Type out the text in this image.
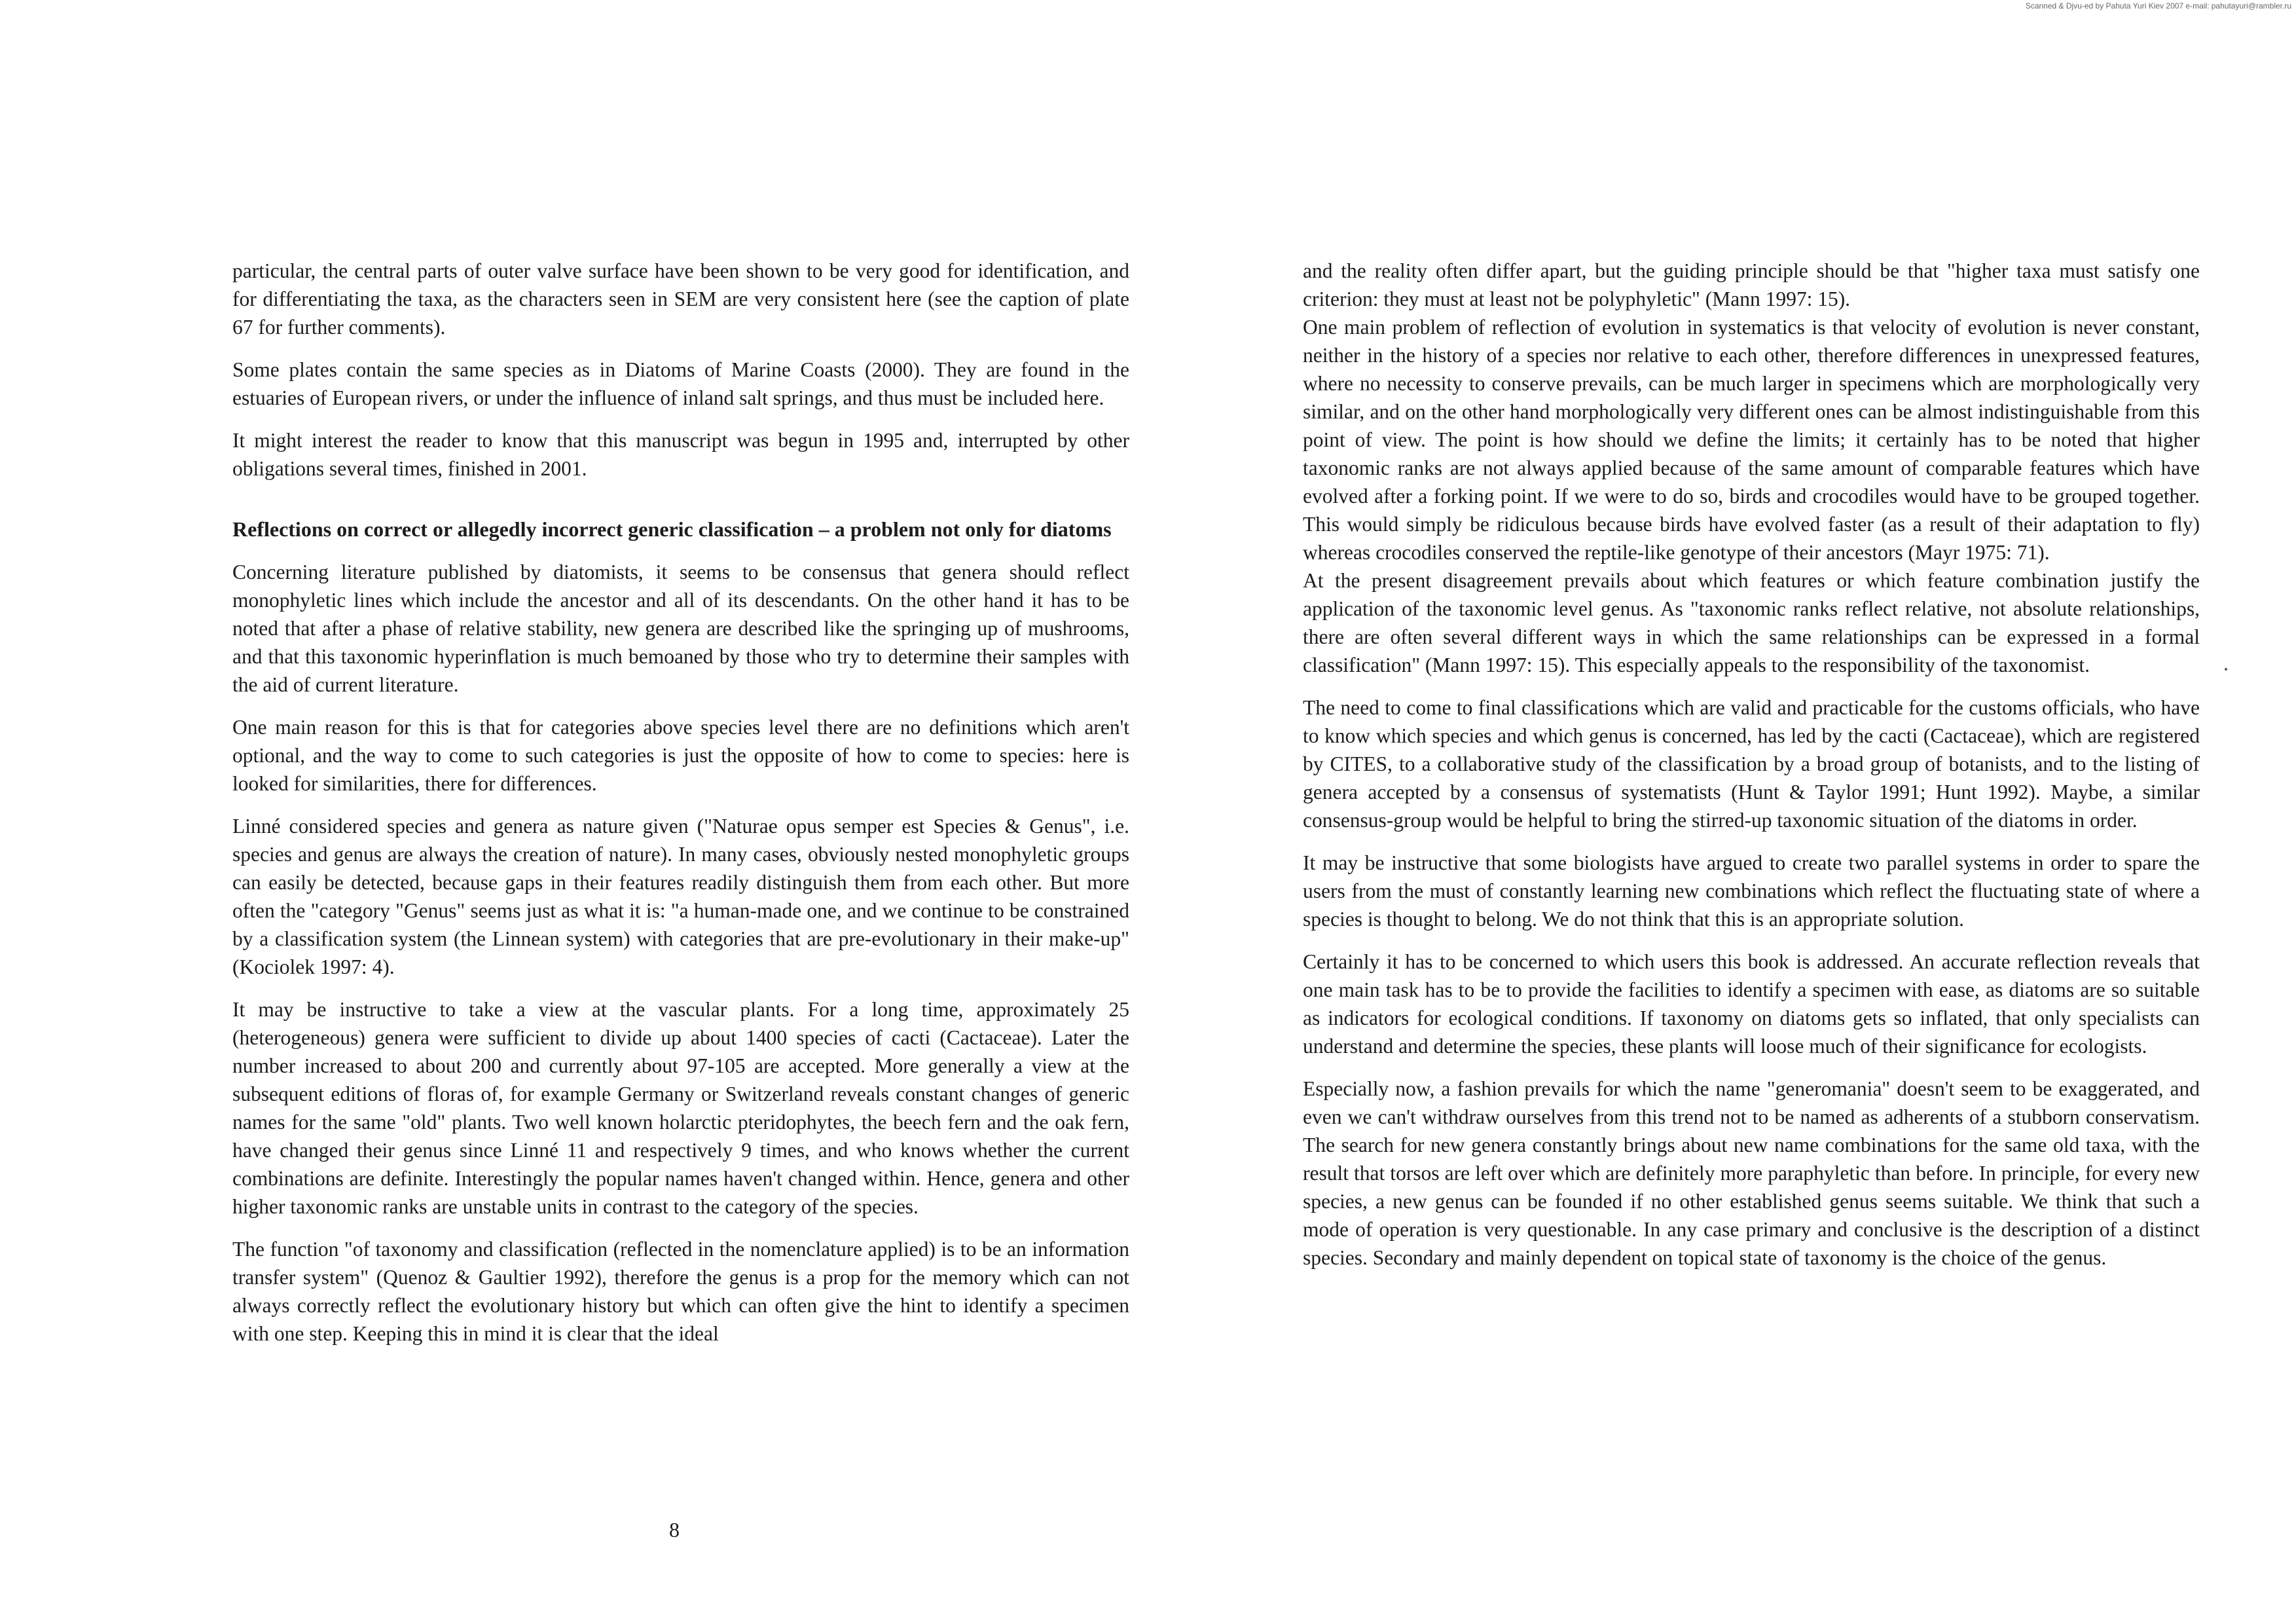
Scanned & Djvu-ed by Pahuta Yuri Kiev 2007 e-mail: pahutayuri@rambler.ru

particular, the central parts of outer valve surface have been shown to be very good for identification, and for differentiating the taxa, as the characters seen in SEM are very consistent here (see the caption of plate 67 for further comments).

Some plates contain the same species as in Diatoms of Marine Coasts (2000). They are found in the estuaries of European rivers, or under the influence of inland salt springs, and thus must be included here.

It might interest the reader to know that this manuscript was begun in 1995 and, interrupted by other obligations several times, finished in 2001.

Reflections on correct or allegedly incorrect generic classification – a problem not only for diatoms

Concerning literature published by diatomists, it seems to be consensus that genera should reflect monophyletic lines which include the ancestor and all of its descendants. On the other hand it has to be noted that after a phase of relative stability, new genera are described like the springing up of mushrooms, and that this taxonomic hyperinflation is much bemoaned by those who try to determine their samples with the aid of current literature.

One main reason for this is that for categories above species level there are no definitions which aren't optional, and the way to come to such categories is just the opposite of how to come to species: here is looked for similarities, there for differences.

Linné considered species and genera as nature given ("Naturae opus semper est Species & Genus", i.e. species and genus are always the creation of nature). In many cases, obviously nested monophyletic groups can easily be detected, because gaps in their features readily distinguish them from each other. But more often the "category "Genus" seems just as what it is: "a human-made one, and we continue to be constrained by a classification system (the Linnean system) with categories that are pre-evolutionary in their make-up" (Kociolek 1997: 4).

It may be instructive to take a view at the vascular plants. For a long time, approximately 25 (heterogeneous) genera were sufficient to divide up about 1400 species of cacti (Cactaceae). Later the number increased to about 200 and currently about 97-105 are accepted. More generally a view at the subsequent editions of floras of, for example Germany or Switzerland reveals constant changes of generic names for the same "old" plants. Two well known holarctic pteridophytes, the beech fern and the oak fern, have changed their genus since Linné 11 and respectively 9 times, and who knows whether the current combinations are definite. Interestingly the popular names haven't changed within. Hence, genera and other higher taxonomic ranks are unstable units in contrast to the category of the species.

The function "of taxonomy and classification (reflected in the nomenclature applied) is to be an information transfer system" (Quenoz & Gaultier 1992), therefore the genus is a prop for the memory which can not always correctly reflect the evolutionary history but which can often give the hint to identify a specimen with one step. Keeping this in mind it is clear that the ideal

and the reality often differ apart, but the guiding principle should be that "higher taxa must satisfy one criterion: they must at least not be polyphyletic" (Mann 1997: 15).

One main problem of reflection of evolution in systematics is that velocity of evolution is never constant, neither in the history of a species nor relative to each other, therefore differences in unexpressed features, where no necessity to conserve prevails, can be much larger in specimens which are morphologically very similar, and on the other hand morphologically very different ones can be almost indistinguishable from this point of view. The point is how should we define the limits; it certainly has to be noted that higher taxonomic ranks are not always applied because of the same amount of comparable features which have evolved after a forking point. If we were to do so, birds and crocodiles would have to be grouped together. This would simply be ridiculous because birds have evolved faster (as a result of their adaptation to fly) whereas crocodiles conserved the reptile-like genotype of their ancestors (Mayr 1975: 71).

At the present disagreement prevails about which features or which feature combination justify the application of the taxonomic level genus. As "taxonomic ranks reflect relative, not absolute relationships, there are often several different ways in which the same relationships can be expressed in a formal classification" (Mann 1997: 15). This especially appeals to the responsibility of the taxonomist.

The need to come to final classifications which are valid and practicable for the customs officials, who have to know which species and which genus is concerned, has led by the cacti (Cactaceae), which are registered by CITES, to a collaborative study of the classification by a broad group of botanists, and to the listing of genera accepted by a consensus of systematists (Hunt & Taylor 1991; Hunt 1992). Maybe, a similar consensus-group would be helpful to bring the stirred-up taxonomic situation of the diatoms in order.

It may be instructive that some biologists have argued to create two parallel systems in order to spare the users from the must of constantly learning new combinations which reflect the fluctuating state of where a species is thought to belong. We do not think that this is an appropriate solution.

Certainly it has to be concerned to which users this book is addressed. An accurate reflection reveals that one main task has to be to provide the facilities to identify a specimen with ease, as diatoms are so suitable as indicators for ecological conditions. If taxonomy on diatoms gets so inflated, that only specialists can understand and determine the species, these plants will loose much of their significance for ecologists.

Especially now, a fashion prevails for which the name "generomania" doesn't seem to be exaggerated, and even we can't withdraw ourselves from this trend not to be named as adherents of a stubborn conservatism. The search for new genera constantly brings about new name combinations for the same old taxa, with the result that torsos are left over which are definitely more paraphyletic than before. In principle, for every new species, a new genus can be founded if no other established genus seems suitable. We think that such a mode of operation is very questionable. In any case primary and conclusive is the description of a distinct species. Secondary and mainly dependent on topical state of taxonomy is the choice of the genus.

8
